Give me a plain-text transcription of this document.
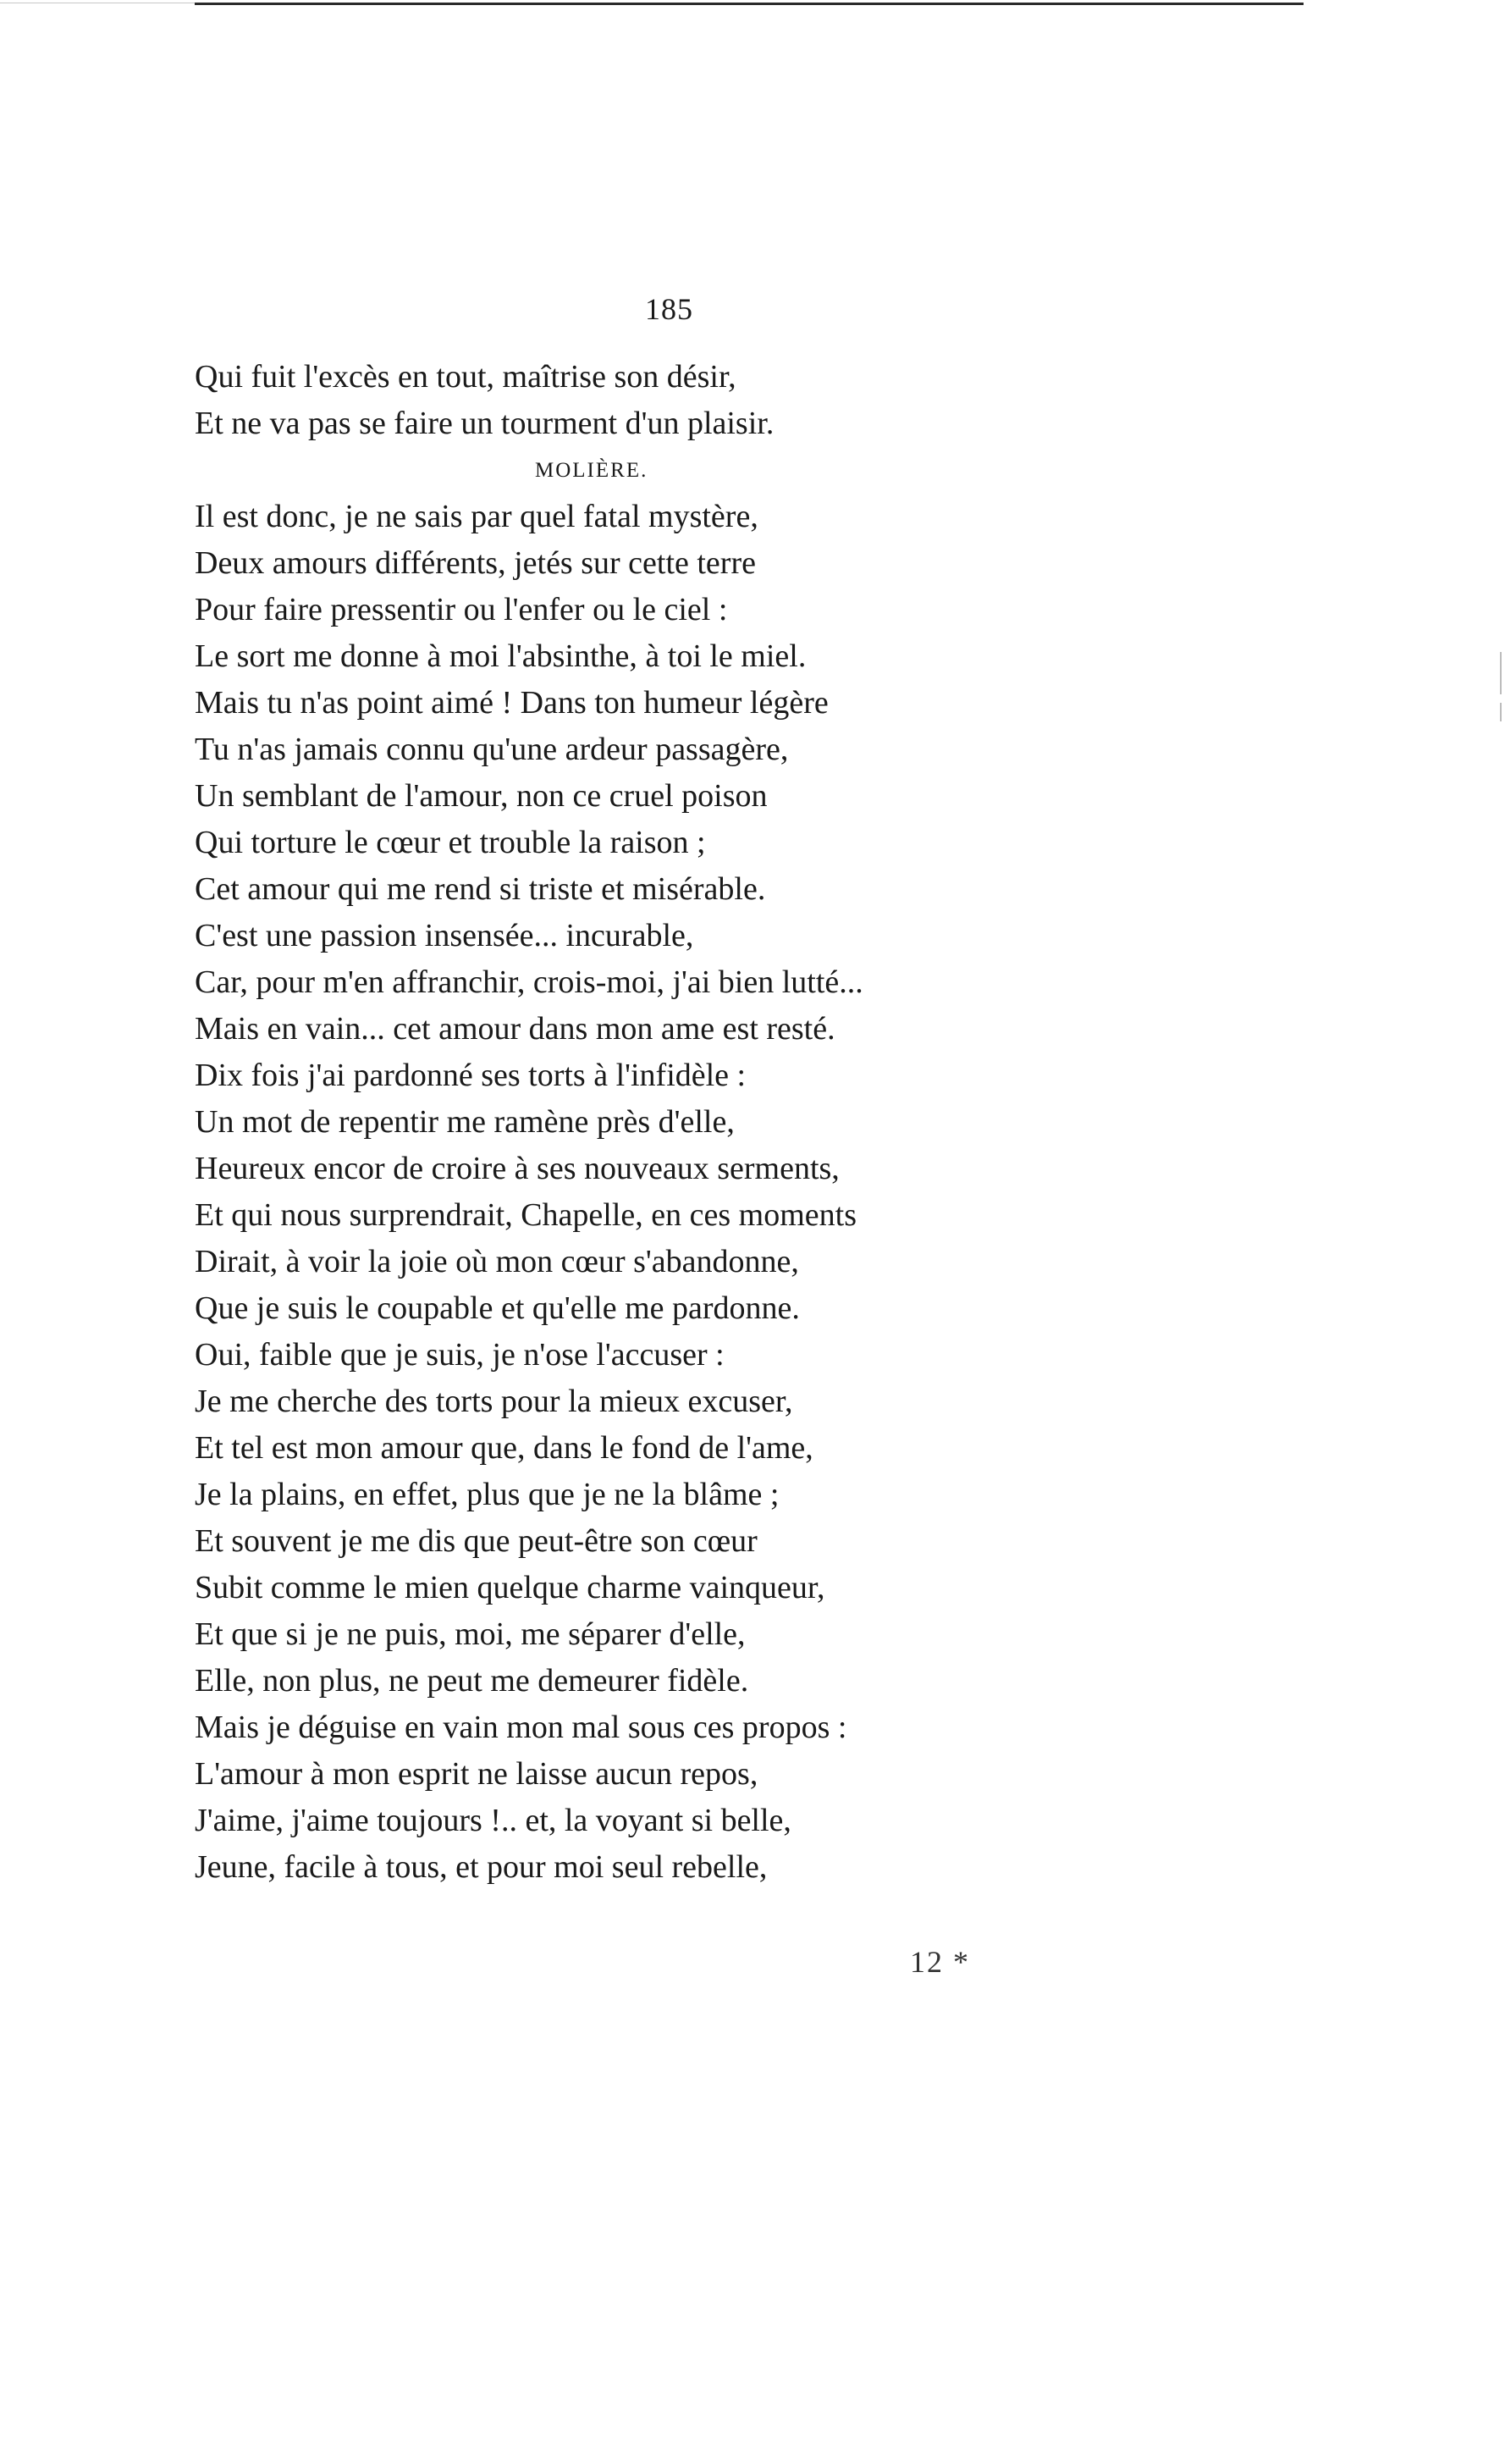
185
Qui fuit l'excès en tout, maîtrise son désir,
Et ne va pas se faire un tourment d'un plaisir.
MOLIÈRE.
Il est donc, je ne sais par quel fatal mystère,
Deux amours différents, jetés sur cette terre
Pour faire pressentir ou l'enfer ou le ciel :
Le sort me donne à moi l'absinthe, à toi le miel.
Mais tu n'as point aimé ! Dans ton humeur légère
Tu n'as jamais connu qu'une ardeur passagère,
Un semblant de l'amour, non ce cruel poison
Qui torture le cœur et trouble la raison ;
Cet amour qui me rend si triste et misérable.
C'est une passion insensée... incurable,
Car, pour m'en affranchir, crois-moi, j'ai bien lutté...
Mais en vain... cet amour dans mon ame est resté.
Dix fois j'ai pardonné ses torts à l'infidèle :
Un mot de repentir me ramène près d'elle,
Heureux encor de croire à ses nouveaux serments,
Et qui nous surprendrait, Chapelle, en ces moments
Dirait, à voir la joie où mon cœur s'abandonne,
Que je suis le coupable et qu'elle me pardonne.
Oui, faible que je suis, je n'ose l'accuser :
Je me cherche des torts pour la mieux excuser,
Et tel est mon amour que, dans le fond de l'ame,
Je la plains, en effet, plus que je ne la blâme ;
Et souvent je me dis que peut-être son cœur
Subit comme le mien quelque charme vainqueur,
Et que si je ne puis, moi, me séparer d'elle,
Elle, non plus, ne peut me demeurer fidèle.
Mais je déguise en vain mon mal sous ces propos :
L'amour à mon esprit ne laisse aucun repos,
J'aime, j'aime toujours !.. et, la voyant si belle,
Jeune, facile à tous, et pour moi seul rebelle,
12 *
